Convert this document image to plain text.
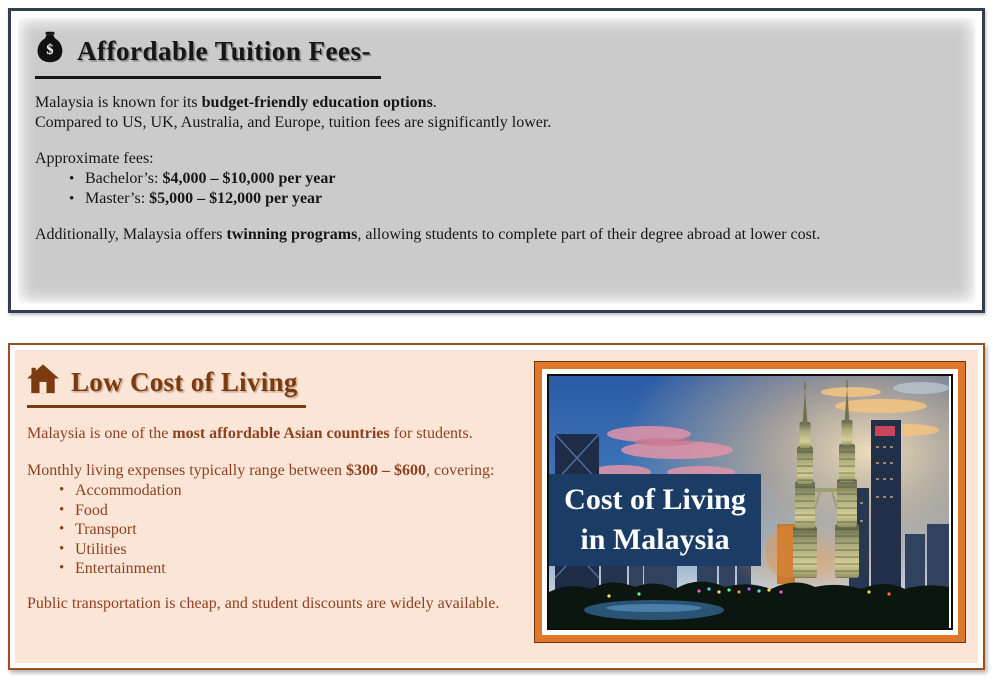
$ Affordable Tuition Fees-

Malaysia is known for its budget-friendly education options.

Compared to US, UK, Australia, and Europe, tuition fees are significantly lower.

Approximate fees:

• Bachelor’s: $4,000 – $10,000 per year
• Master’s: $5,000 – $12,000 per year

Additionally, Malaysia offers twinning programs, allowing students to complete part of their degree abroad at lower cost.

Low Cost of Living

Malaysia is one of the most affordable Asian countries for students.

Monthly living expenses typically range between $300 – $600, covering:

• Accommodation
• Food
• Transport
• Utilities
• Entertainment

Public transportation is cheap, and student discounts are widely available.

Cost of Living
in Malaysia
